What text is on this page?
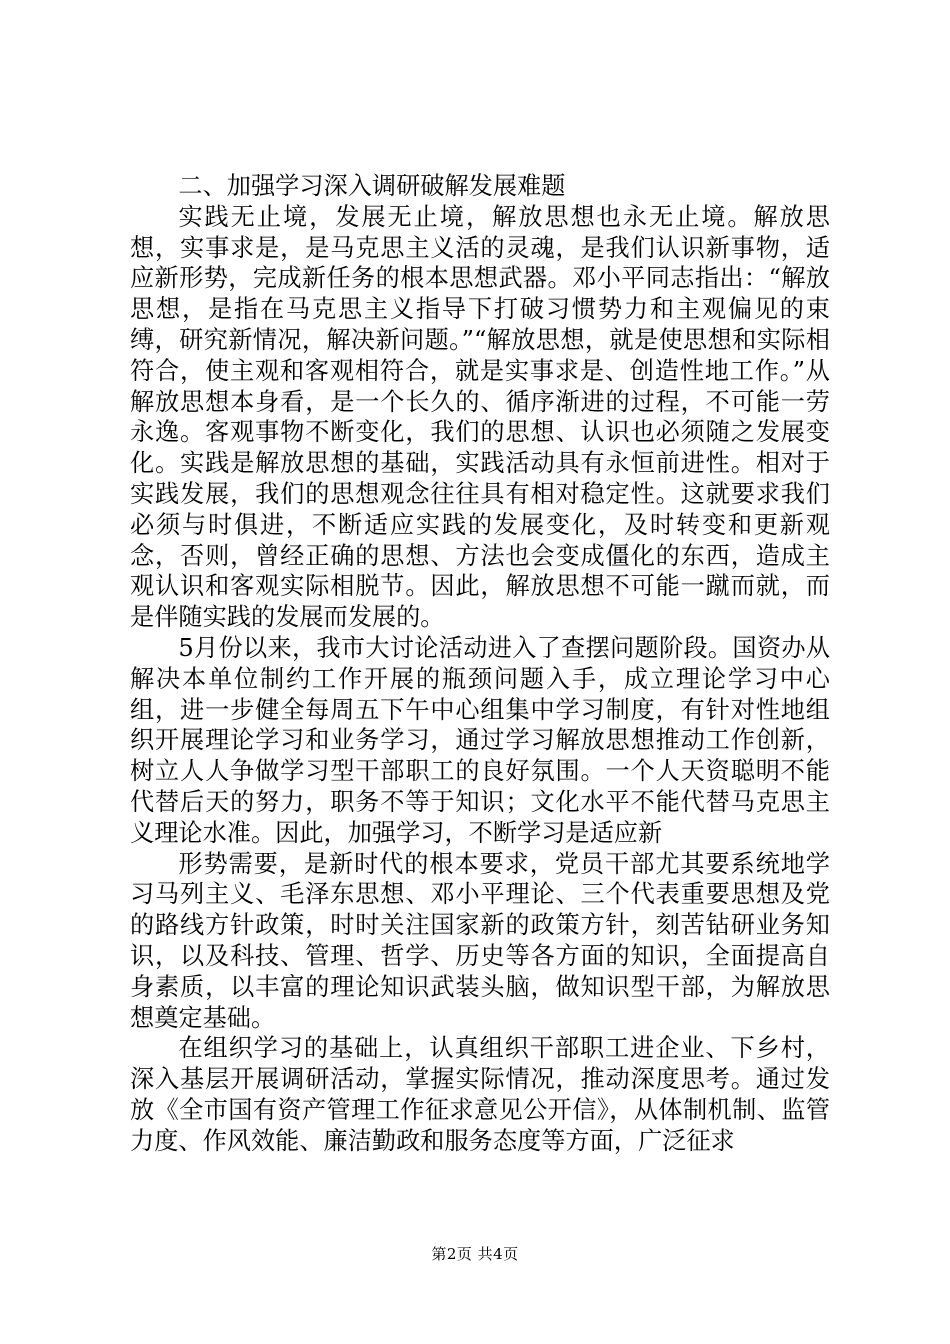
二、加强学习深入调研破解发展难题

实践无止境，发展无止境，解放思想也永无止境。解放思想，实事求是，是马克思主义活的灵魂，是我们认识新事物，适应新形势，完成新任务的根本思想武器。邓小平同志指出：“解放思想，是指在马克思主义指导下打破习惯势力和主观偏见的束缚，研究新情况，解决新问题。”“解放思想，就是使思想和实际相符合，使主观和客观相符合，就是实事求是、创造性地工作。”从解放思想本身看，是一个长久的、循序渐进的过程，不可能一劳永逸。客观事物不断变化，我们的思想、认识也必须随之发展变化。实践是解放思想的基础，实践活动具有永恒前进性。相对于实践发展，我们的思想观念往往具有相对稳定性。这就要求我们必须与时俱进，不断适应实践的发展变化，及时转变和更新观念，否则，曾经正确的思想、方法也会变成僵化的东西，造成主观认识和客观实际相脱节。因此，解放思想不可能一蹴而就，而是伴随实践的发展而发展的。

5月份以来，我市大讨论活动进入了查摆问题阶段。国资办从解决本单位制约工作开展的瓶颈问题入手，成立理论学习中心组，进一步健全每周五下午中心组集中学习制度，有针对性地组织开展理论学习和业务学习，通过学习解放思想推动工作创新，树立人人争做学习型干部职工的良好氛围。一个人天资聪明不能代替后天的努力，职务不等于知识；文化水平不能代替马克思主义理论水准。因此，加强学习，不断学习是适应新

形势需要，是新时代的根本要求，党员干部尤其要系统地学习马列主义、毛泽东思想、邓小平理论、三个代表重要思想及党的路线方针政策，时时关注国家新的政策方针，刻苦钻研业务知识，以及科技、管理、哲学、历史等各方面的知识，全面提高自身素质，以丰富的理论知识武装头脑，做知识型干部，为解放思想奠定基础。

在组织学习的基础上，认真组织干部职工进企业、下乡村，深入基层开展调研活动，掌握实际情况，推动深度思考。通过发放《全市国有资产管理工作征求意见公开信》，从体制机制、监管力度、作风效能、廉洁勤政和服务态度等方面，广泛征求

第2页 共4页
